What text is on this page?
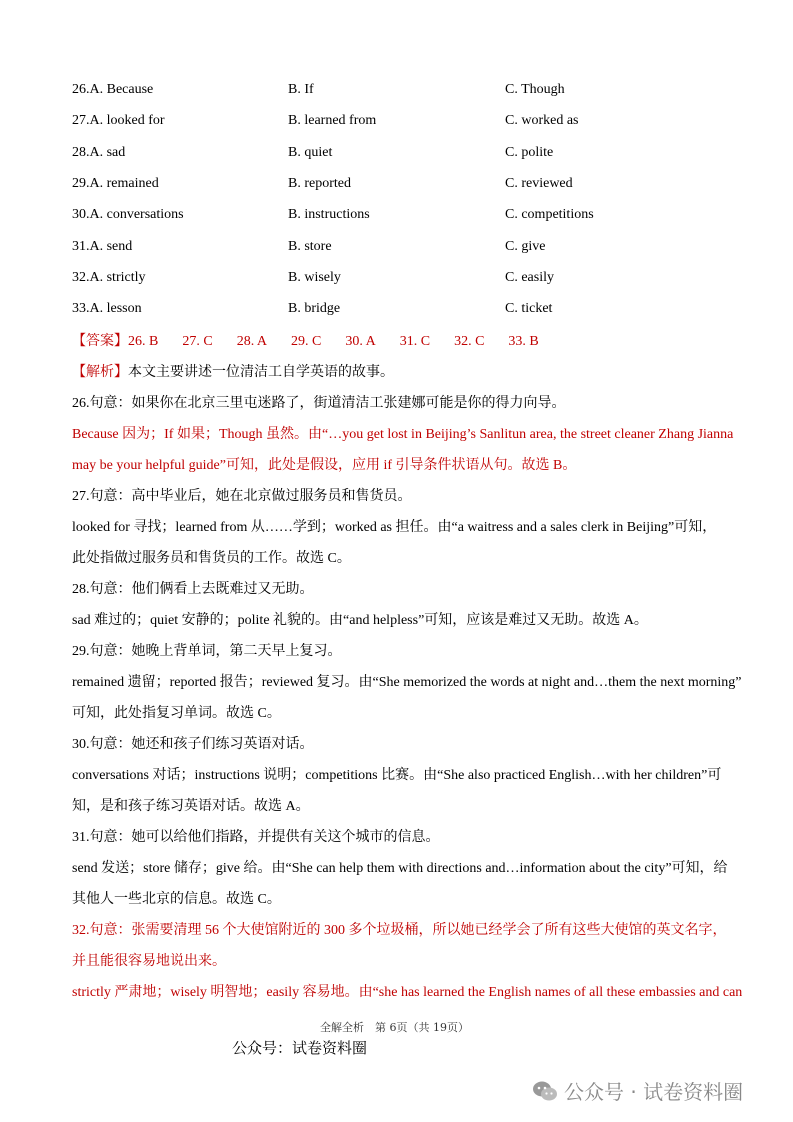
26.A. Because	B. If	C. Though
27.A. looked for	B. learned from	C. worked as
28.A. sad	B. quiet	C. polite
29.A. remained	B. reported	C. reviewed
30.A. conversations	B. instructions	C. competitions
31.A. send	B. store	C. give
32.A. strictly	B. wisely	C. easily
33.A. lesson	B. bridge	C. ticket
【答案】26. B 27. C 28. A 29. C 30. A 31. C 32. C 33. B
【解析】本文主要讲述一位清洁工自学英语的故事。
26.句意：如果你在北京三里屯迷路了，街道清洁工张建娜可能是你的得力向导。
Because 因为；If 如果；Though 虽然。由“…you get lost in Beijing’s Sanlitun area, the street cleaner Zhang Jianna
may be your helpful guide”可知，此处是假设，应用 if 引导条件状语从句。故选 B。
27.句意：高中毕业后，她在北京做过服务员和售货员。
looked for 寻找；learned from 从……学到；worked as 担任。由“a waitress and a sales clerk in Beijing”可知，
此处指做过服务员和售货员的工作。故选 C。
28.句意：他们俩看上去既难过又无助。
sad 难过的；quiet 安静的；polite 礼貌的。由“and helpless”可知，应该是难过又无助。故选 A。
29.句意：她晚上背单词，第二天早上复习。
remained 遗留；reported 报告；reviewed 复习。由“She memorized the words at night and…them the next morning”
可知，此处指复习单词。故选 C。
30.句意：她还和孩子们练习英语对话。
conversations 对话；instructions 说明；competitions 比赛。由“She also practiced English…with her children”可
知，是和孩子练习英语对话。故选 A。
31.句意：她可以给他们指路，并提供有关这个城市的信息。
send 发送；store 储存；give 给。由“She can help them with directions and…information about the city”可知，给
其他人一些北京的信息。故选 C。
32.句意：张需要清理 56 个大使馆附近的 300 多个垃圾桶，所以她已经学会了所有这些大使馆的英文名字，
并且能很容易地说出来。
strictly 严肃地；wisely 明智地；easily 容易地。由“she has learned the English names of all these embassies and can
全解全析　第 6页（共 19页）
公众号：试卷资料圈
公众号 · 试卷资料圈
